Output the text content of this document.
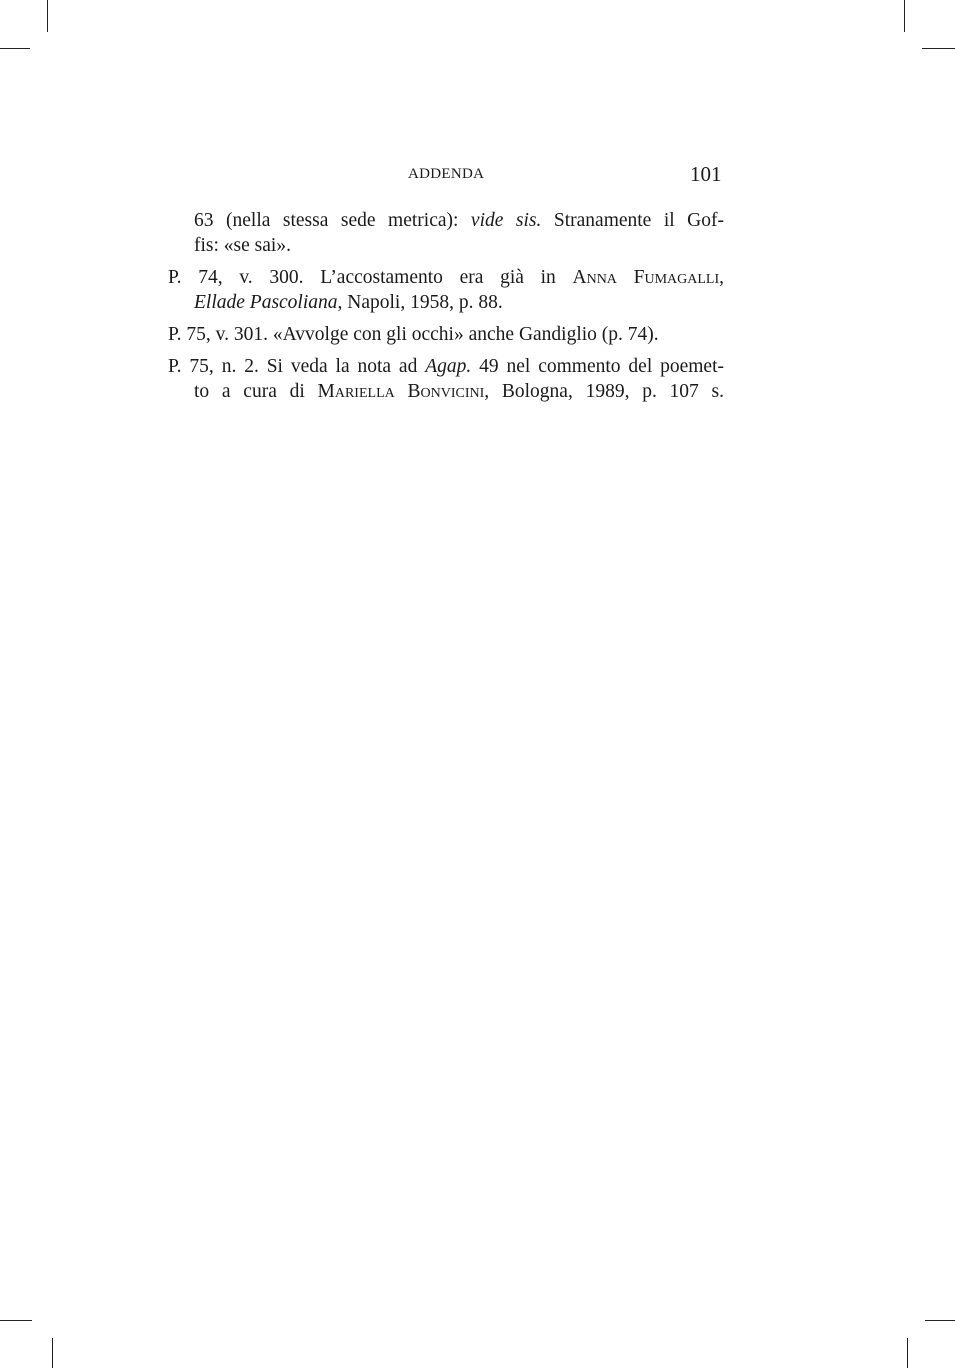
ADDENDA	101

63 (nella stessa sede metrica): vide sis. Stranamente il Gof-
fis: «se sai».

P. 74, v. 300. L’accostamento era già in Anna Fumagalli,
Ellade Pascoliana, Napoli, 1958, p. 88.

P. 75, v. 301. «Avvolge con gli occhi» anche Gandiglio (p. 74).

P. 75, n. 2. Si veda la nota ad Agap. 49 nel commento del poemet-
to a cura di Mariella Bonvicini, Bologna, 1989, p. 107 s.
